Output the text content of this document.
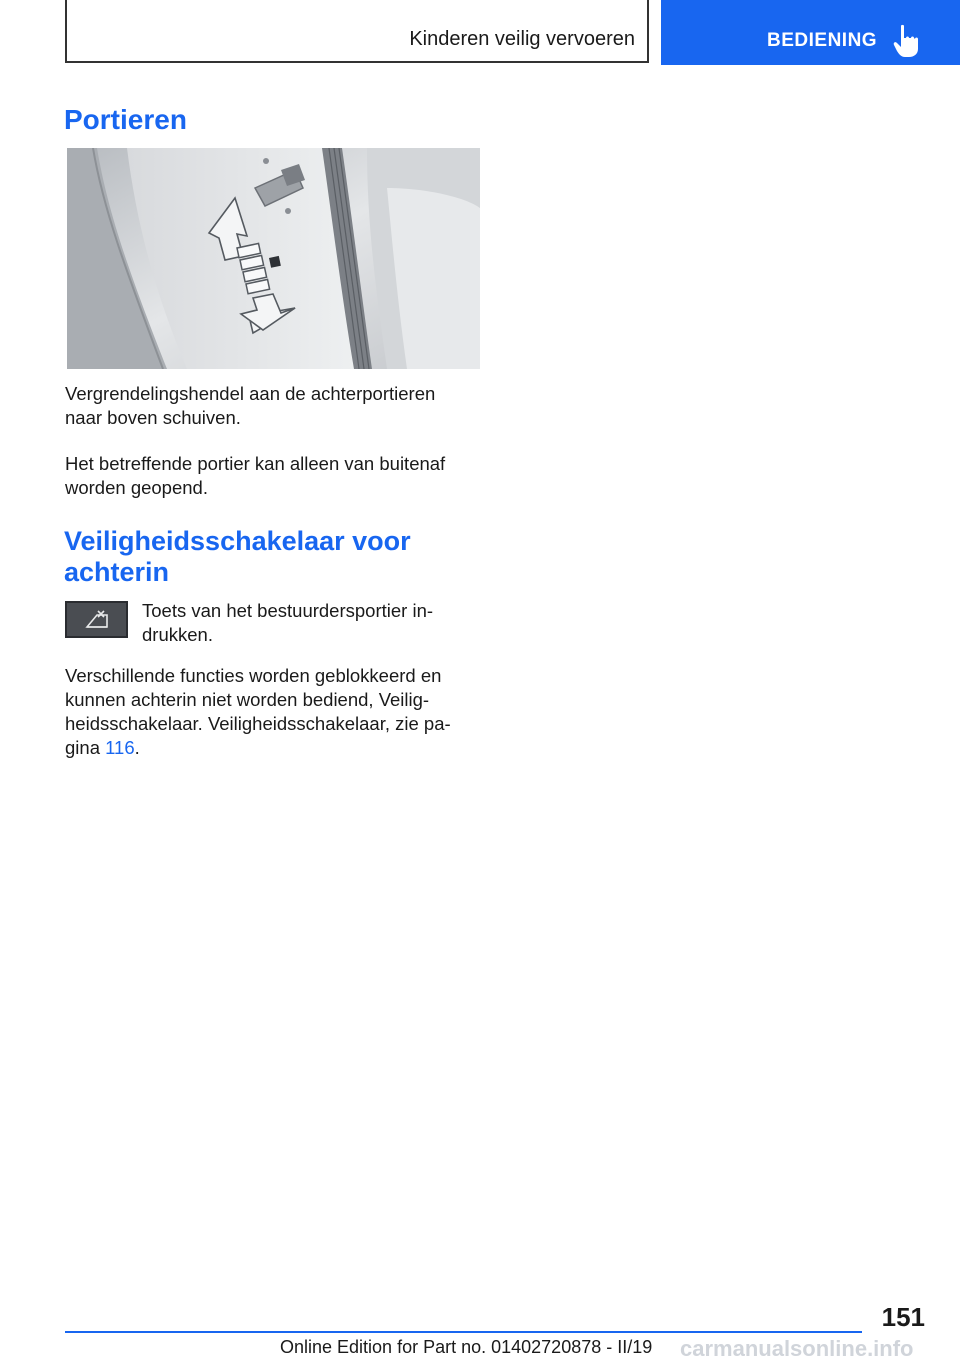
Kinderen veilig vervoeren	BEDIENING
Portieren

Vergrendelingshendel aan de achterportieren naar boven schuiven.

Het betreffende portier kan alleen van buitenaf worden geopend.

Veiligheidsschakelaar voor achterin

Toets van het bestuurdersportier in-drukken.

Verschillende functies worden geblokkeerd en kunnen achterin niet worden bediend, Veilig-heidsschakelaar. Veiligheidsschakelaar, zie pa-gina 116.

151
Online Edition for Part no. 01402720878 - II/19 carmanualsonline.info
